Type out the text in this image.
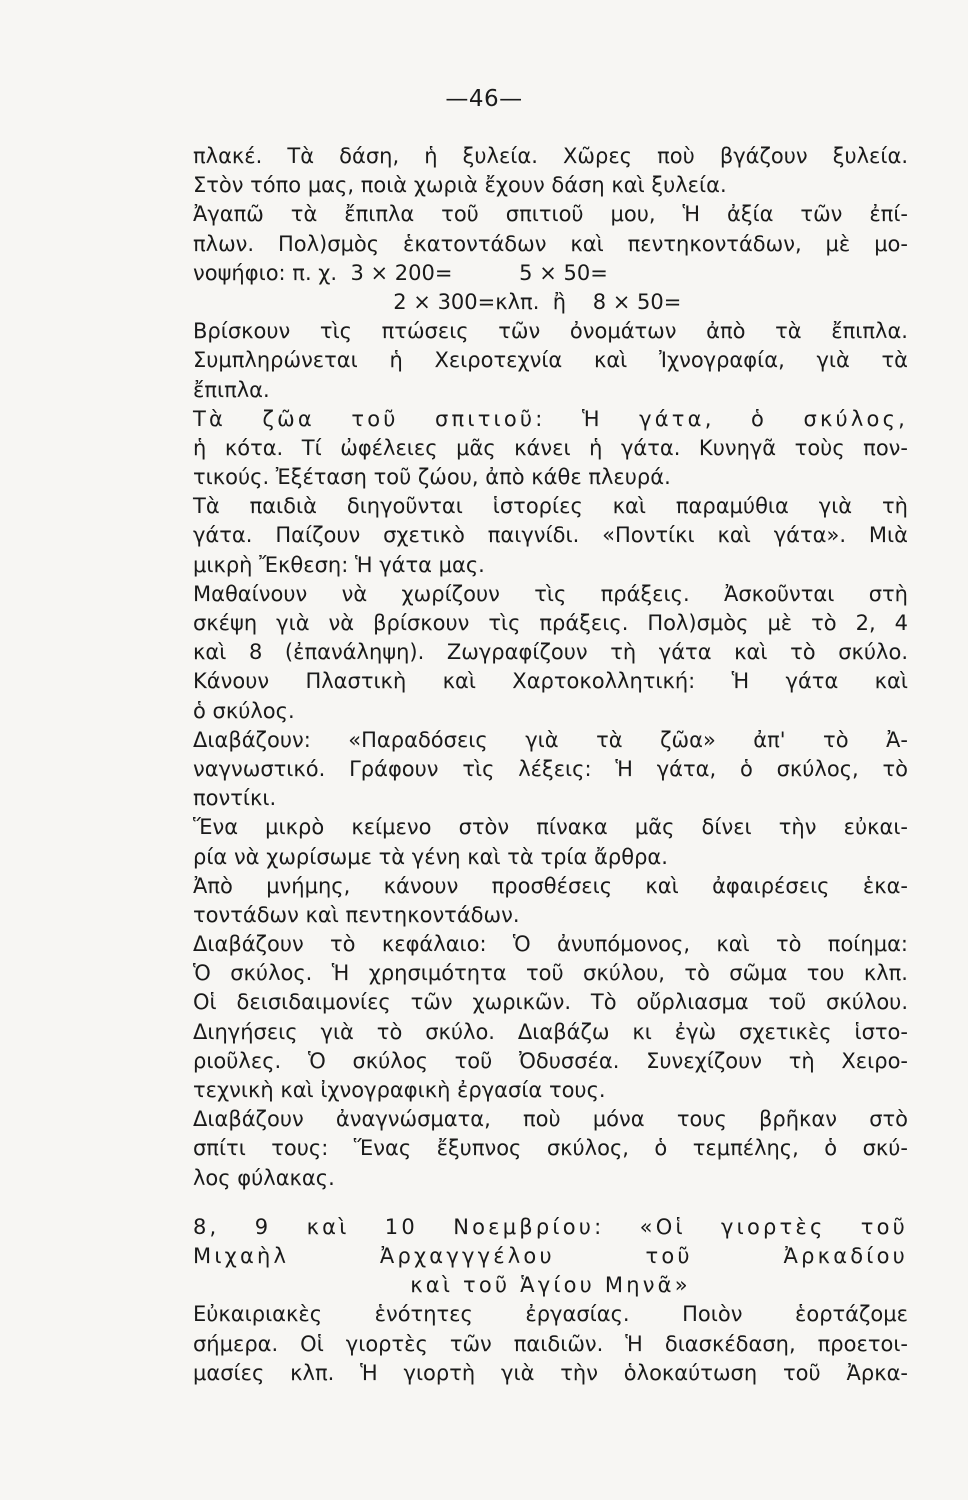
—46—
πλακέ. Τὰ δάση, ἡ ξυλεία. Χῶρες ποὺ βγάζουν ξυλεία.
Στὸν τόπο μας, ποιὰ χωριὰ ἔχουν δάση καὶ ξυλεία.
Ἀγαπῶ τὰ ἔπιπλα τοῦ σπιτιοῦ μου, Ἡ ἀξία τῶν ἐπί-
πλων. Πολ)σμὸς ἑκατοντάδων καὶ πεντηκοντάδων, μὲ μο-
νοψήφιο: π. χ.  3 × 200=          5 × 50=
2 × 300=κλπ.  ἢ    8 × 50=
Βρίσκουν τὶς πτώσεις τῶν ὀνομάτων ἀπὸ τὰ ἔπιπλα.
Συμπληρώνεται ἡ Χειροτεχνία καὶ Ἰχνογραφία, γιὰ τὰ
ἔπιπλα.
Τὰ ζῶα τοῦ σπιτιοῦ: Ἡ γάτα, ὁ σκύλος,
ἡ κότα. Τί ὠφέλειες μᾶς κάνει ἡ γάτα. Κυνηγᾶ τοὺς πον-
τικούς. Ἐξέταση τοῦ ζώου, ἀπὸ κάθε πλευρά.
Τὰ παιδιὰ διηγοῦνται ἱστορίες καὶ παραμύθια γιὰ τὴ
γάτα. Παίζουν σχετικὸ παιγνίδι. «Ποντίκι καὶ γάτα». Μιὰ
μικρὴ Ἔκθεση: Ἡ γάτα μας.
Μαθαίνουν νὰ χωρίζουν τὶς πράξεις. Ἀσκοῦνται στὴ
σκέψη γιὰ νὰ βρίσκουν τὶς πράξεις. Πολ)σμὸς μὲ τὸ 2, 4
καὶ 8 (ἐπανάληψη). Ζωγραφίζουν τὴ γάτα καὶ τὸ σκύλο.
Κάνουν Πλαστικὴ καὶ Χαρτοκολλητική: Ἡ γάτα καὶ
ὁ σκύλος.
Διαβάζουν: «Παραδόσεις γιὰ τὰ ζῶα» ἀπ' τὸ Ἀ-
ναγνωστικό. Γράφουν τὶς λέξεις: Ἡ γάτα, ὁ σκύλος, τὸ
ποντίκι.
Ἕνα μικρὸ κείμενο στὸν πίνακα μᾶς δίνει τὴν εὐκαι-
ρία νὰ χωρίσωμε τὰ γένη καὶ τὰ τρία ἄρθρα.
Ἀπὸ μνήμης, κάνουν προσθέσεις καὶ ἀφαιρέσεις ἑκα-
τοντάδων καὶ πεντηκοντάδων.
Διαβάζουν τὸ κεφάλαιο: Ὁ ἀνυπόμονος, καὶ τὸ ποίημα:
Ὁ σκύλος. Ἡ χρησιμότητα τοῦ σκύλου, τὸ σῶμα του κλπ.
Οἱ δεισιδαιμονίες τῶν χωρικῶν. Τὸ οὔρλιασμα τοῦ σκύλου.
Διηγήσεις γιὰ τὸ σκύλο. Διαβάζω κι ἐγὼ σχετικὲς ἱστο-
ριοῦλες. Ὁ σκύλος τοῦ Ὀδυσσέα. Συνεχίζουν τὴ Χειρο-
τεχνικὴ καὶ ἰχνογραφικὴ ἐργασία τους.
Διαβάζουν ἀναγνώσματα, ποὺ μόνα τους βρῆκαν στὸ
σπίτι τους: Ἕνας ἔξυπνος σκύλος, ὁ τεμπέλης, ὁ σκύ-
λος φύλακας.
8, 9 καὶ 10 Νοεμβρίου: «Οἱ γιορτὲς τοῦ
Μιχαὴλ Ἀρχαγγγέλου τοῦ Ἀρκαδίου
καὶ τοῦ Ἁγίου Μηνᾶ»
Εὐκαιριακὲς ἑνότητες ἐργασίας. Ποιὸν ἑορτάζομε
σήμερα. Οἱ γιορτὲς τῶν παιδιῶν. Ἡ διασκέδαση, προετοι-
μασίες κλπ. Ἡ γιορτὴ γιὰ τὴν ὁλοκαύτωση τοῦ Ἀρκα-
